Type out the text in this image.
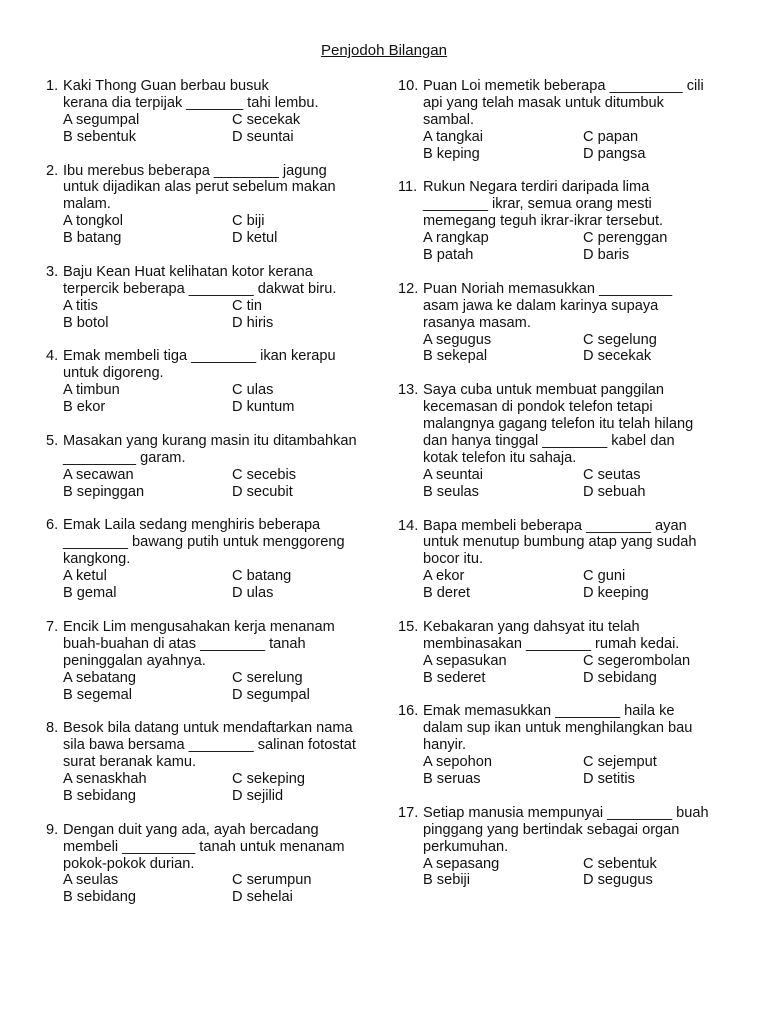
Penjodoh Bilangan
1. Kaki Thong Guan berbau busuk
kerana dia terpijak _______ tahi lembu.
A segumpal	C secekak
B sebentuk	D seuntai
2. Ibu merebus beberapa ________ jagung
untuk dijadikan alas perut sebelum makan
malam.
A tongkol	C biji
B batang	D ketul
3. Baju Kean Huat kelihatan kotor kerana
terpercik beberapa ________ dakwat biru.
A titis	C tin
B botol	D hiris
4. Emak membeli tiga ________ ikan kerapu
untuk digoreng.
A timbun	C ulas
B ekor	D kuntum
5. Masakan yang kurang masin itu ditambahkan
_________ garam.
A secawan	C secebis
B sepinggan	D secubit
6. Emak Laila sedang menghiris beberapa
________ bawang putih untuk menggoreng
kangkong.
A ketul	C batang
B gemal	D ulas
7. Encik Lim mengusahakan kerja menanam
buah-buahan di atas ________ tanah
peninggalan ayahnya.
A sebatang	C serelung
B segemal	D segumpal
8. Besok bila datang untuk mendaftarkan nama
sila bawa bersama ________ salinan fotostat
surat beranak kamu.
A senaskhah	C sekeping
B sebidang	D sejilid
9. Dengan duit yang ada, ayah bercadang
membeli _________ tanah untuk menanam
pokok-pokok durian.
A seulas	C serumpun
B sebidang	D sehelai
10. Puan Loi memetik beberapa _________ cili
api yang telah masak untuk ditumbuk
sambal.
A tangkai	C papan
B keping	D pangsa
11. Rukun Negara terdiri daripada lima
________ ikrar, semua orang mesti
memegang teguh ikrar-ikrar tersebut.
A rangkap	C perenggan
B patah	D baris
12. Puan Noriah memasukkan _________
asam jawa ke dalam karinya supaya
rasanya masam.
A segugus	C segelung
B sekepal	D secekak
13. Saya cuba untuk membuat panggilan
kecemasan di pondok telefon tetapi
malangnya gagang telefon itu telah hilang
dan hanya tinggal ________ kabel dan
kotak telefon itu sahaja.
A seuntai	C seutas
B seulas	D sebuah
14. Bapa membeli beberapa ________ ayan
untuk menutup bumbung atap yang sudah
bocor itu.
A ekor	C guni
B deret	D keeping
15. Kebakaran yang dahsyat itu telah
membinasakan ________ rumah kedai.
A sepasukan	C segerombolan
B sederet	D sebidang
16. Emak memasukkan ________ haila ke
dalam sup ikan untuk menghilangkan bau
hanyir.
A sepohon	C sejemput
B seruas	D setitis
17. Setiap manusia mempunyai ________ buah
pinggang yang bertindak sebagai organ
perkumuhan.
A sepasang	C sebentuk
B sebiji	D segugus
